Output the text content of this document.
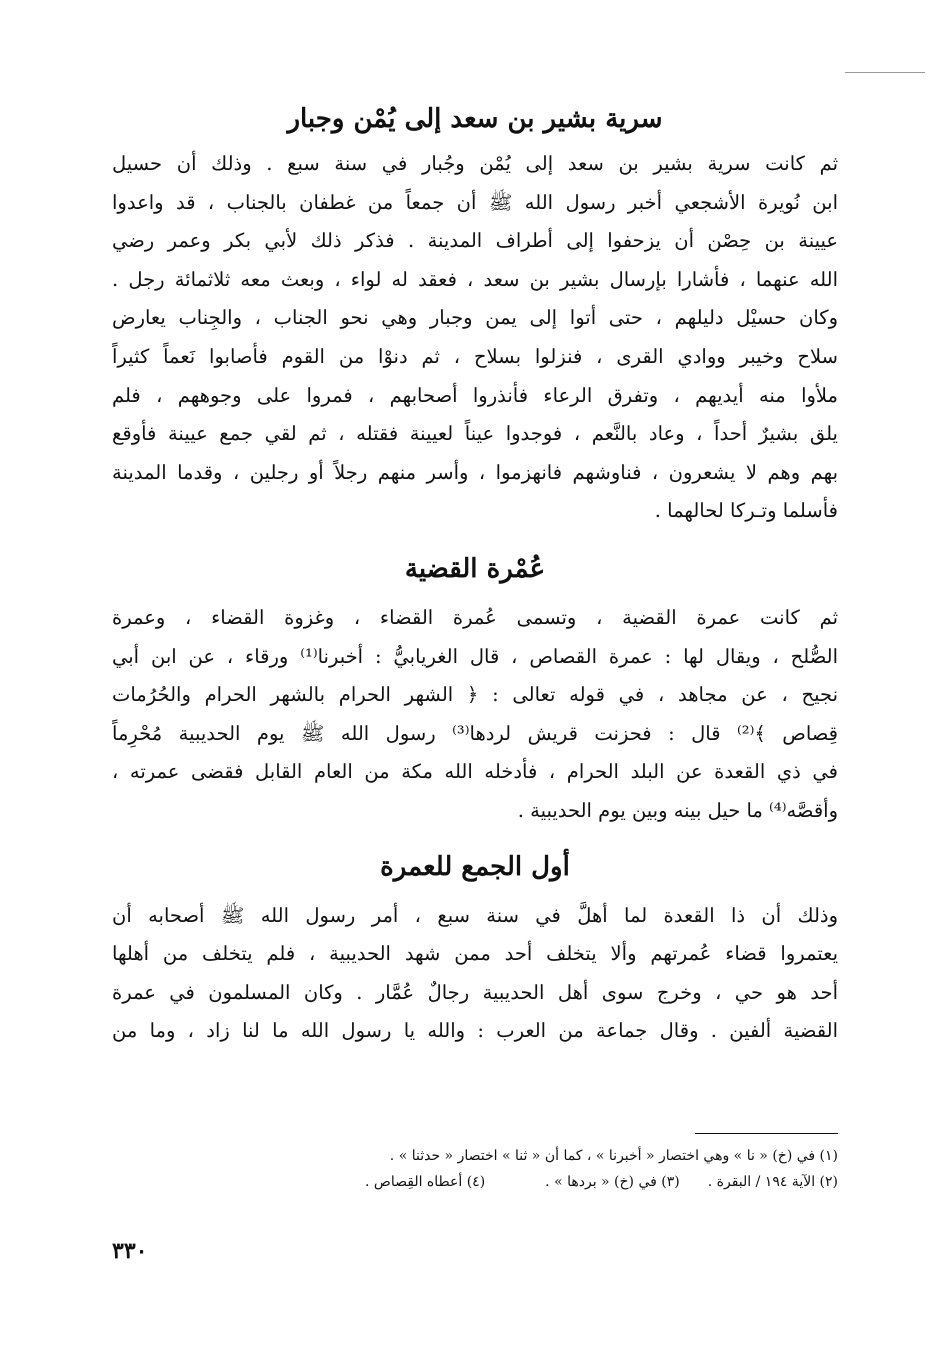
سرية بشير بن سعد إلى يُمْن وجبار
ثم كانت سرية بشير بن سعد إلى يُمْن وجُبار في سنة سبع . وذلك أن حسيل
ابن نُويرة الأشجعي أخبر رسول الله ﷺ أن جمعاً من غطفان بالجناب ، قد واعدوا
عيينة بن حِصْن أن يزحفوا إلى أطراف المدينة . فذكر ذلك لأبي بكر وعمر رضي
الله عنهما ، فأشارا بإرسال بشير بن سعد ، فعقد له لواء ، وبعث معه ثلاثمائة رجل .
وكان حسيْل دليلهم ، حتى أتوا إلى يمن وجبار وهي نحو الجناب ، والجِناب يعارض
سلاح وخيبر ووادي القرى ، فنزلوا بسلاح ، ثم دنوْا من القوم فأصابوا نَعماً كثيراً
ملأوا منه أيديهم ، وتفرق الرعاء فأنذروا أصحابهم ، فمروا على وجوههم ، فلم
يلق بشيرٌ أحداً ، وعاد بالنَّعم ، فوجدوا عيناً لعيينة فقتله ، ثم لقي جمع عيينة فأوقع
بهم وهم لا يشعرون ، فناوشهم فانهزموا ، وأسر منهم رجلاً أو رجلين ، وقدما المدينة
فأسلما وتـركا لحالهما .
عُمْرة القضية
ثم كانت عمرة القضية ، وتسمى عُمرة القضاء ، وغزوة القضاء ، وعمرة
الصُّلح ، ويقال لها : عمرة القصاص ، قال الغريابيُّ : أخبرنا⁽¹⁾ ورقاء ، عن ابن أبي
نجيح ، عن مجاهد ، في قوله تعالى : ﴿ الشهر الحرام بالشهر الحرام والحُرُمات
قِصاص ﴾⁽²⁾ قال : فحزنت قريش لردها⁽³⁾ رسول الله ﷺ يوم الحديبية مُحْرِماً
في ذي القعدة عن البلد الحرام ، فأدخله الله مكة من العام القابل فقضى عمرته ،
وأقصَّه⁽⁴⁾ ما حيل بينه وبين يوم الحديبية .
أول الجمع للعمرة
وذلك أن ذا القعدة لما أهلَّ في سنة سبع ، أمر رسول الله ﷺ أصحابه أن
يعتمروا قضاء عُمرتهم وألا يتخلف أحد ممن شهد الحديبية ، فلم يتخلف من أهلها
أحد هو حي ، وخرج سوى أهل الحديبية رجالٌ عُمَّار . وكان المسلمون في عمرة
القضية ألفين . وقال جماعة من العرب : والله يا رسول الله ما لنا زاد ، وما من
(١) في (خ) « نا » وهي اختصار « أخبرنا » ، كما أن « ثنا » اختصار « حدثنا » .
(٢) الآية ١٩٤ / البقرة .
(٣) في (خ) « بردها » .
(٤) أعطاه القِصاص .
٣٣٠
